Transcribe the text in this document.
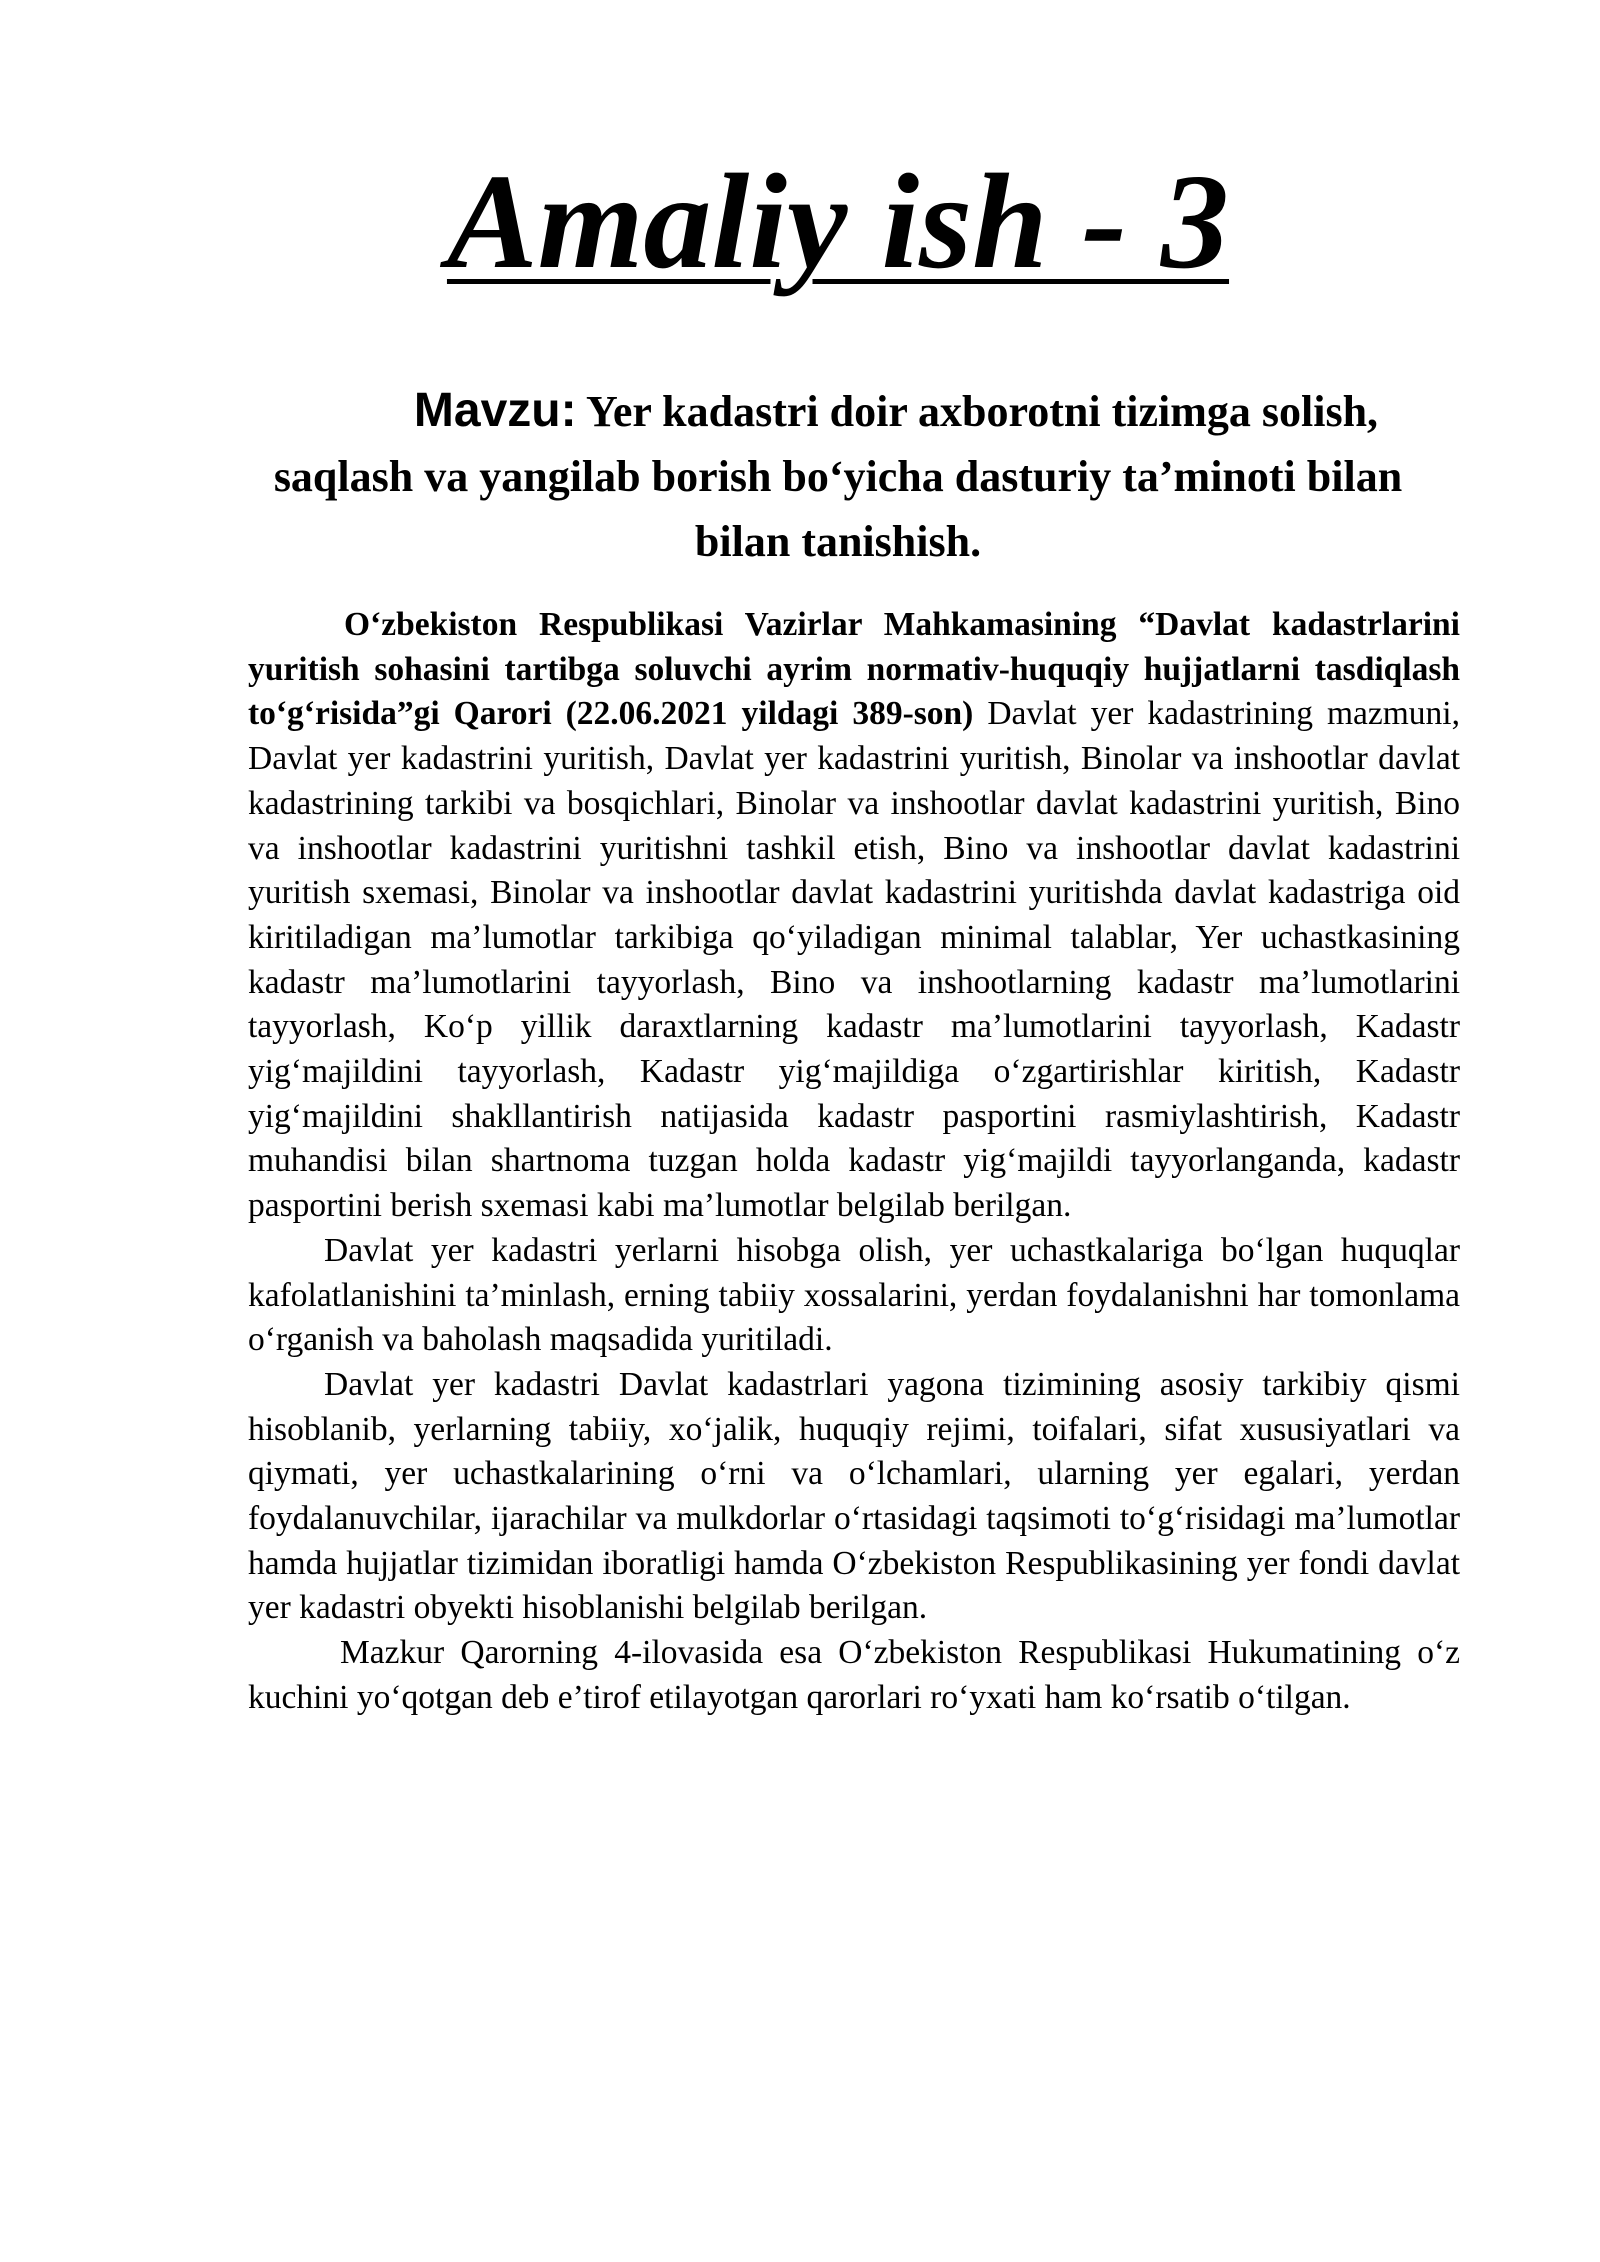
Amaliy ish - 3

Mavzu: Yer kadastri doir axborotni tizimga solish, saqlash va yangilab borish bo‘yicha dasturiy ta’minoti bilan bilan tanishish.

O‘zbekiston Respublikasi Vazirlar Mahkamasining “Davlat kadastrlarini yuritish sohasini tartibga soluvchi ayrim normativ-huquqiy hujjatlarni tasdiqlash to‘g‘risida”gi Qarori (22.06.2021 yildagi 389-son) Davlat yer kadastrining mazmuni, Davlat yer kadastrini yuritish, Davlat yer kadastrini yuritish, Binolar va inshootlar davlat kadastrining tarkibi va bosqichlari, Binolar va inshootlar davlat kadastrini yuritish, Bino va inshootlar kadastrini yuritishni tashkil etish, Bino va inshootlar davlat kadastrini yuritish sxemasi, Binolar va inshootlar davlat kadastrini yuritishda davlat kadastriga oid kiritiladigan ma’lumotlar tarkibiga qo‘yiladigan minimal talablar, Yer uchastkasining kadastr ma’lumotlarini tayyorlash, Bino va inshootlarning kadastr ma’lumotlarini tayyorlash, Ko‘p yillik daraxtlarning kadastr ma’lumotlarini tayyorlash, Kadastr yig‘majildini tayyorlash, Kadastr yig‘majildiga o‘zgartirishlar kiritish, Kadastr yig‘majildini shakllantirish natijasida kadastr pasportini rasmiylashtirish, Kadastr muhandisi bilan shartnoma tuzgan holda kadastr yig‘majildi tayyorlanganda, kadastr pasportini berish sxemasi kabi ma’lumotlar belgilab berilgan.

Davlat yer kadastri yerlarni hisobga olish, yer uchastkalariga bo‘lgan huquqlar kafolatlanishini ta’minlash, erning tabiiy xossalarini, yerdan foydalanishni har tomonlama o‘rganish va baholash maqsadida yuritiladi.

Davlat yer kadastri Davlat kadastrlari yagona tizimining asosiy tarkibiy qismi hisoblanib, yerlarning tabiiy, xo‘jalik, huquqiy rejimi, toifalari, sifat xususiyatlari va qiymati, yer uchastkalarining o‘rni va o‘lchamlari, ularning yer egalari, yerdan foydalanuvchilar, ijarachilar va mulkdorlar o‘rtasidagi taqsimoti to‘g‘risidagi ma’lumotlar hamda hujjatlar tizimidan iboratligi hamda O‘zbekiston Respublikasining yer fondi davlat yer kadastri obyekti hisoblanishi belgilab berilgan.

Mazkur Qarorning 4-ilovasida esa O‘zbekiston Respublikasi Hukumatining o‘z kuchini yo‘qotgan deb e’tirof etilayotgan qarorlari ro‘yxati ham ko‘rsatib o‘tilgan.
